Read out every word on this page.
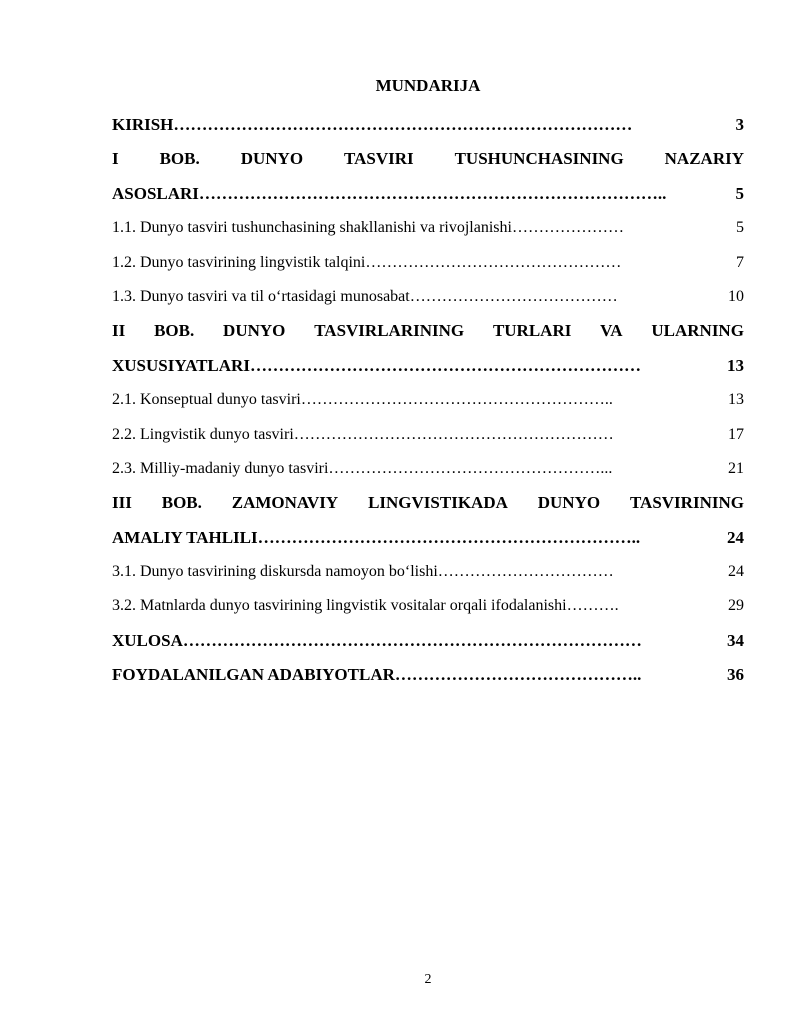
MUNDARIJA
KIRISH ………………………………………………………………………	3
I BOB. DUNYO TASVIRI TUSHUNCHASINING NAZARIY
ASOSLARI ………………………………………………………………………..	5
1.1. Dunyo tasviri tushunchasining shakllanishi va rivojlanishi …………………	5
1.2. Dunyo tasvirining lingvistik talqini …………………………………………	7
1.3. Dunyo tasviri va til o‘rtasidagi munosabat …………………………………	10
II BOB. DUNYO TASVIRLARINING TURLARI VA ULARNING
XUSUSIYATLARI ……………………………………………………………	13
2.1. Konseptual dunyo tasviri …………………………………………………..	13
2.2. Lingvistik dunyo tasviri ……………………………………………………	17
2.3. Milliy-madaniy dunyo tasviri ……………………………………………...	21
III BOB. ZAMONAVIY LINGVISTIKADA DUNYO TASVIRINING
AMALIY TAHLILI …………………………………………………………..	24
3.1. Dunyo tasvirining diskursda namoyon bo‘lishi ……………………………	24
3.2. Matnlarda dunyo tasvirining lingvistik vositalar orqali ifodalanishi ……….	29
XULOSA ………………………………………………………………………	34
FOYDALANILGAN ADABIYOTLAR ……………………………………..	36
2
